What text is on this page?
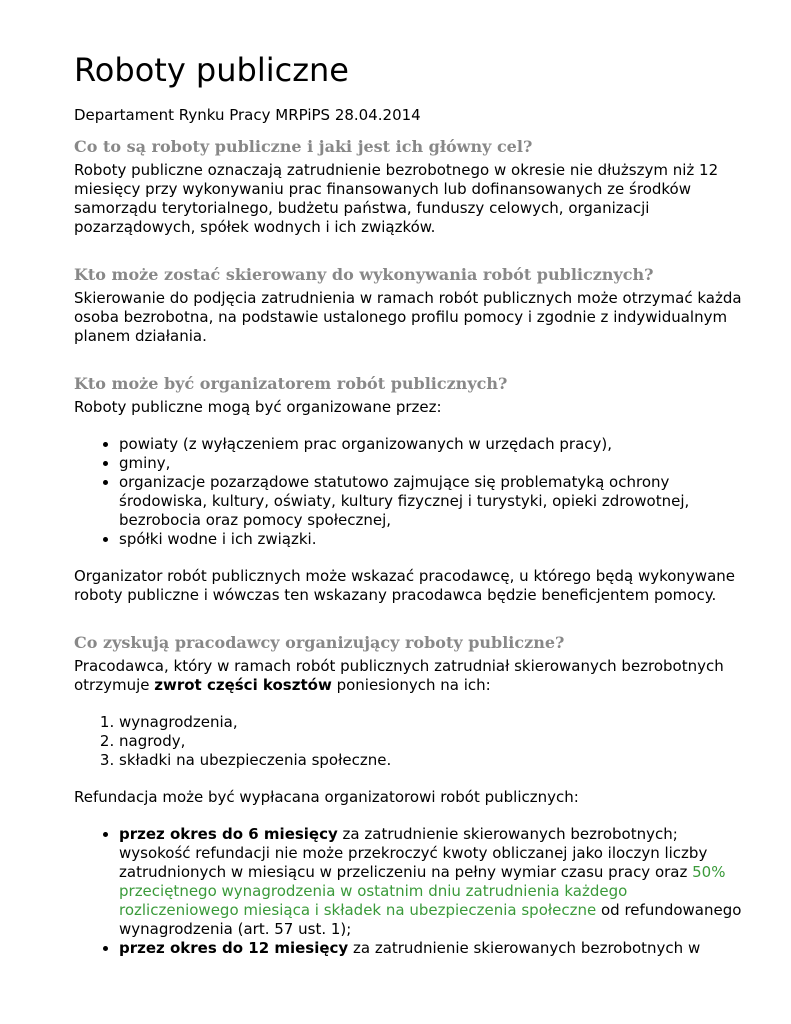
Roboty publiczne

Departament Rynku Pracy MRPiPS 28.04.2014

Co to są roboty publiczne i jaki jest ich główny cel?

Roboty publiczne oznaczają zatrudnienie bezrobotnego w okresie nie dłuższym niż 12 miesięcy przy wykonywaniu prac finansowanych lub dofinansowanych ze środków samorządu terytorialnego, budżetu państwa, funduszy celowych, organizacji pozarządowych, spółek wodnych i ich związków.

Kto może zostać skierowany do wykonywania robót publicznych?

Skierowanie do podjęcia zatrudnienia w ramach robót publicznych może otrzymać każda osoba bezrobotna, na podstawie ustalonego profilu pomocy i zgodnie z indywidualnym planem działania.

Kto może być organizatorem robót publicznych?

Roboty publiczne mogą być organizowane przez:

• powiaty (z wyłączeniem prac organizowanych w urzędach pracy),
• gminy,
• organizacje pozarządowe statutowo zajmujące się problematyką ochrony środowiska, kultury, oświaty, kultury fizycznej i turystyki, opieki zdrowotnej, bezrobocia oraz pomocy społecznej,
• spółki wodne i ich związki.

Organizator robót publicznych może wskazać pracodawcę, u którego będą wykonywane roboty publiczne i wówczas ten wskazany pracodawca będzie beneficjentem pomocy.

Co zyskują pracodawcy organizujący roboty publiczne?

Pracodawca, który w ramach robót publicznych zatrudniał skierowanych bezrobotnych otrzymuje zwrot części kosztów poniesionych na ich:

1. wynagrodzenia,
2. nagrody,
3. składki na ubezpieczenia społeczne.

Refundacja może być wypłacana organizatorowi robót publicznych:

• przez okres do 6 miesięcy za zatrudnienie skierowanych bezrobotnych; wysokość refundacji nie może przekroczyć kwoty obliczanej jako iloczyn liczby zatrudnionych w miesiącu w przeliczeniu na pełny wymiar czasu pracy oraz 50% przeciętnego wynagrodzenia w ostatnim dniu zatrudnienia każdego rozliczeniowego miesiąca i składek na ubezpieczenia społeczne od refundowanego wynagrodzenia (art. 57 ust. 1);
• przez okres do 12 miesięcy za zatrudnienie skierowanych bezrobotnych w
